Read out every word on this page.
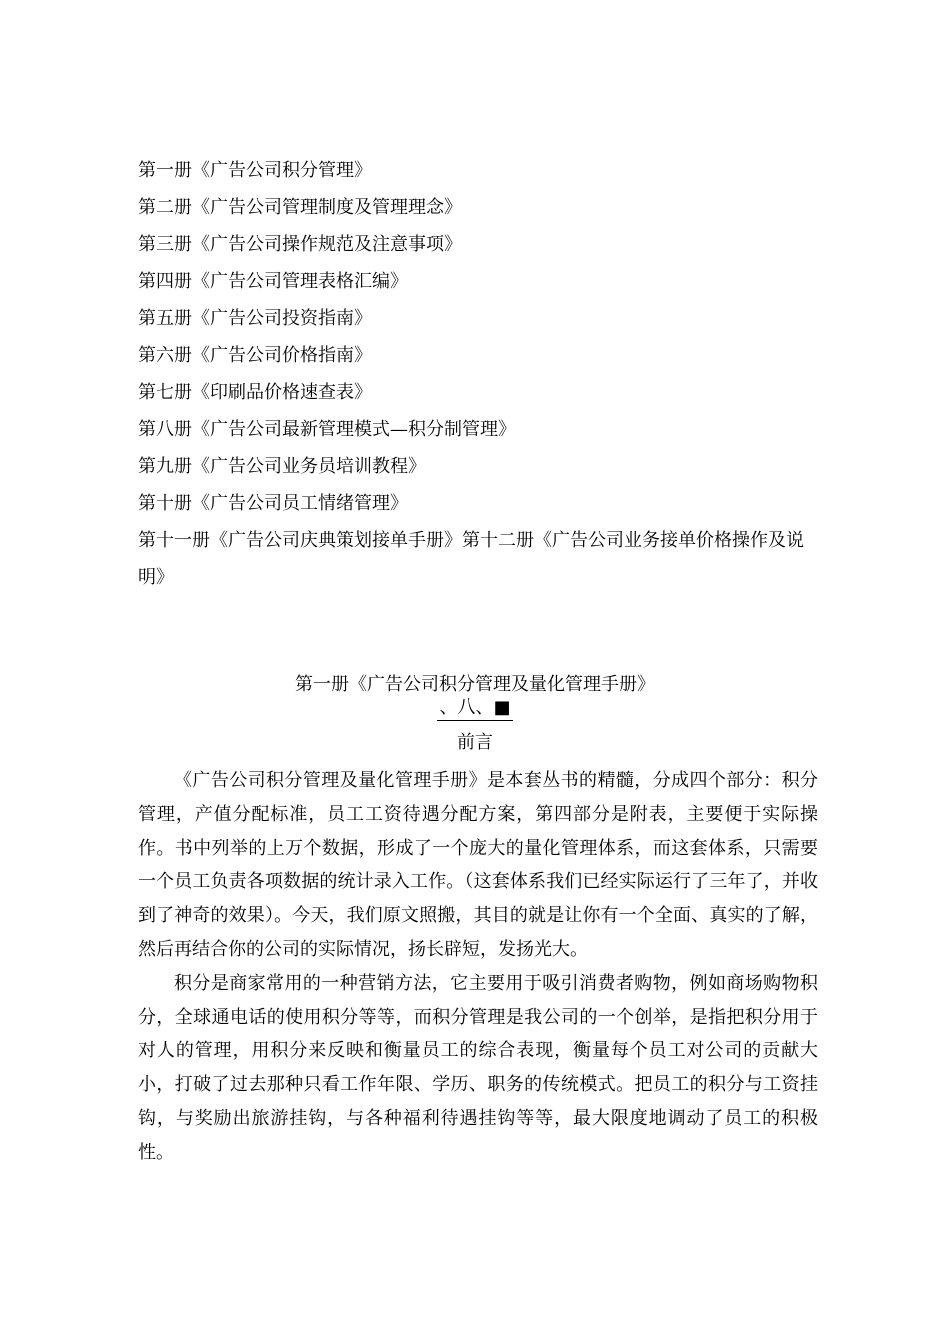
第一册《广告公司积分管理》
第二册《广告公司管理制度及管理理念》
第三册《广告公司操作规范及注意事项》
第四册《广告公司管理表格汇编》
第五册《广告公司投资指南》
第六册《广告公司价格指南》
第七册《印刷品价格速查表》
第八册《广告公司最新管理模式—积分制管理》
第九册《广告公司业务员培训教程》
第十册《广告公司员工情绪管理》
第十一册《广告公司庆典策划接单手册》第十二册《广告公司业务接单价格操作及说明》
第一册《广告公司积分管理及量化管理手册》
、八、■
前言

《广告公司积分管理及量化管理手册》是本套丛书的精髓，分成四个部分：积分管理，产值分配标准，员工工资待遇分配方案，第四部分是附表，主要便于实际操作。书中列举的上万个数据，形成了一个庞大的量化管理体系，而这套体系，只需要一个员工负责各项数据的统计录入工作。（这套体系我们已经实际运行了三年了，并收到了神奇的效果）。今天，我们原文照搬，其目的就是让你有一个全面、真实的了解，然后再结合你的公司的实际情况，扬长辟短，发扬光大。

积分是商家常用的一种营销方法，它主要用于吸引消费者购物，例如商场购物积分，全球通电话的使用积分等等，而积分管理是我公司的一个创举，是指把积分用于对人的管理，用积分来反映和衡量员工的综合表现，衡量每个员工对公司的贡献大小，打破了过去那种只看工作年限、学历、职务的传统模式。把员工的积分与工资挂钩，与奖励出旅游挂钩，与各种福利待遇挂钩等等，最大限度地调动了员工的积极性。
